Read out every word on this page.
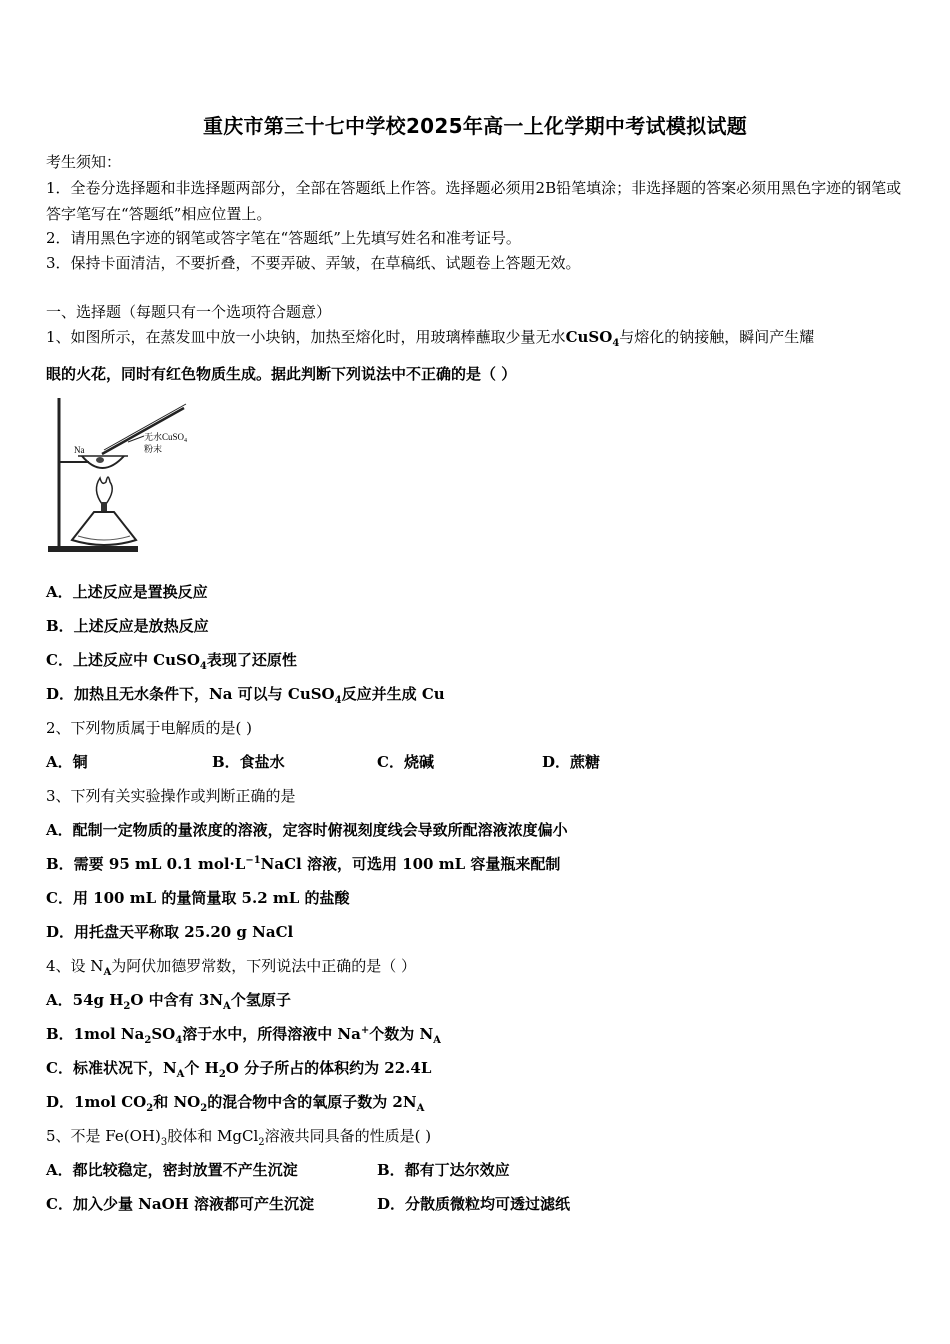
重庆市第三十七中学校2025年高一上化学期中考试模拟试题
考生须知：
1．全卷分选择题和非选择题两部分，全部在答题纸上作答。选择题必须用2B铅笔填涂；非选择题的答案必须用黑色字迹的钢笔或答字笔写在“答题纸”相应位置上。
2．请用黑色字迹的钢笔或答字笔在“答题纸”上先填写姓名和准考证号。
3．保持卡面清洁，不要折叠，不要弄破、弄皱，在草稿纸、试题卷上答题无效。
一、选择题（每题只有一个选项符合题意）
1、如图所示，在蒸发皿中放一小块钠，加热至熔化时，用玻璃棒蘸取少量无水CuSO$_4$与熔化的钠接触，瞬间产生耀
眼的火花，同时有红色物质生成。据此判断下列说法中不正确的是（ ）
Na
无水CuSO$_4$
粉末
A．上述反应是置换反应
B．上述反应是放热反应
C．上述反应中 CuSO$_4$表现了还原性
D．加热且无水条件下，Na 可以与 CuSO$_4$反应并生成 Cu
2、下列物质属于电解质的是( )
A．铜	B．食盐水	C．烧碱	D．蔗糖
3、下列有关实验操作或判断正确的是
A．配制一定物质的量浓度的溶液，定容时俯视刻度线会导致所配溶液浓度偏小
B．需要 95 mL 0.1 $mol\cdot L^{-1}NaCl$ 溶液，可选用 100 mL 容量瓶来配制
C．用 100 mL 的量筒量取 5.2 mL 的盐酸
D．用托盘天平称取 25.20 g NaCl
4、设 $N_A$为阿伏加德罗常数，下列说法中正确的是（ ）
A．54g $H_2O$ 中含有 $3N_A$个氢原子
B．1mol $Na_2SO_4$溶于水中，所得溶液中 Na+个数为 $N_A$
C．标准状况下，$N_A$个 $H_2O$ 分子所占的体积约为 22.4L
D．1mol $CO_2$和 $NO_2$的混合物中含的氧原子数为 $2N_A$
5、不是 $Fe(OH)_3$胶体和 MgCl$_2$溶液共同具备的性质是( )
A．都比较稳定，密封放置不产生沉淀	B．都有丁达尔效应
C．加入少量 NaOH 溶液都可产生沉淀	D．分散质微粒均可透过滤纸
